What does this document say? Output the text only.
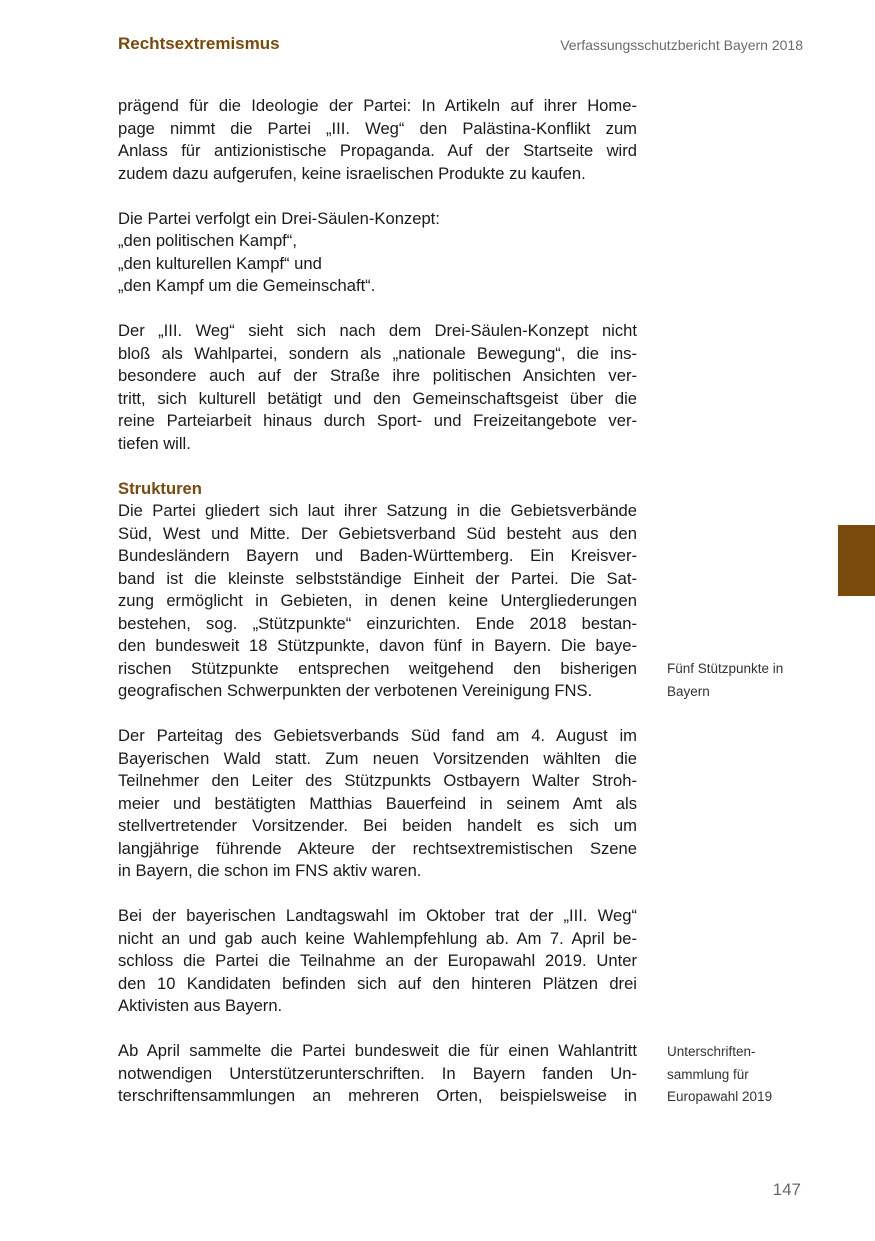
Rechtsextremismus	Verfassungsschutzbericht Bayern 2018

prägend für die Ideologie der Partei: In Artikeln auf ihrer Home-
page nimmt die Partei „III. Weg“ den Palästina-Konflikt zum
Anlass für antizionistische Propaganda. Auf der Startseite wird
zudem dazu aufgerufen, keine israelischen Produkte zu kaufen.

Die Partei verfolgt ein Drei-Säulen-Konzept:
„den politischen Kampf“,
„den kulturellen Kampf“ und
„den Kampf um die Gemeinschaft“.

Der „III. Weg“ sieht sich nach dem Drei-Säulen-Konzept nicht
bloß als Wahlpartei, sondern als „nationale Bewegung“, die ins-
besondere auch auf der Straße ihre politischen Ansichten ver-
tritt, sich kulturell betätigt und den Gemeinschaftsgeist über die
reine Parteiarbeit hinaus durch Sport- und Freizeitangebote ver-
tiefen will.

Strukturen

Die Partei gliedert sich laut ihrer Satzung in die Gebietsverbände
Süd, West und Mitte. Der Gebietsverband Süd besteht aus den
Bundesländern Bayern und Baden-Württemberg. Ein Kreisver-
band ist die kleinste selbstständige Einheit der Partei. Die Sat-
zung ermöglicht in Gebieten, in denen keine Untergliederungen
bestehen, sog. „Stützpunkte“ einzurichten. Ende 2018 bestan-
den bundesweit 18 Stützpunkte, davon fünf in Bayern. Die baye-
rischen Stützpunkte entsprechen weitgehend den bisherigen
geografischen Schwerpunkten der verbotenen Vereinigung FNS.

Der Parteitag des Gebietsverbands Süd fand am 4. August im
Bayerischen Wald statt. Zum neuen Vorsitzenden wählten die
Teilnehmer den Leiter des Stützpunkts Ostbayern Walter Stroh-
meier und bestätigten Matthias Bauerfeind in seinem Amt als
stellvertretender Vorsitzender. Bei beiden handelt es sich um
langjährige führende Akteure der rechtsextremistischen Szene
in Bayern, die schon im FNS aktiv waren.

Bei der bayerischen Landtagswahl im Oktober trat der „III. Weg“
nicht an und gab auch keine Wahlempfehlung ab. Am 7. April be-
schloss die Partei die Teilnahme an der Europawahl 2019. Unter
den 10 Kandidaten befinden sich auf den hinteren Plätzen drei
Aktivisten aus Bayern.

Ab April sammelte die Partei bundesweit die für einen Wahlantritt
notwendigen Unterstützerunterschriften. In Bayern fanden Un-
terschriftensammlungen an mehreren Orten, beispielsweise in

Fünf Stützpunkte in
Bayern
Unterschriften-
sammlung für
Europawahl 2019
147
